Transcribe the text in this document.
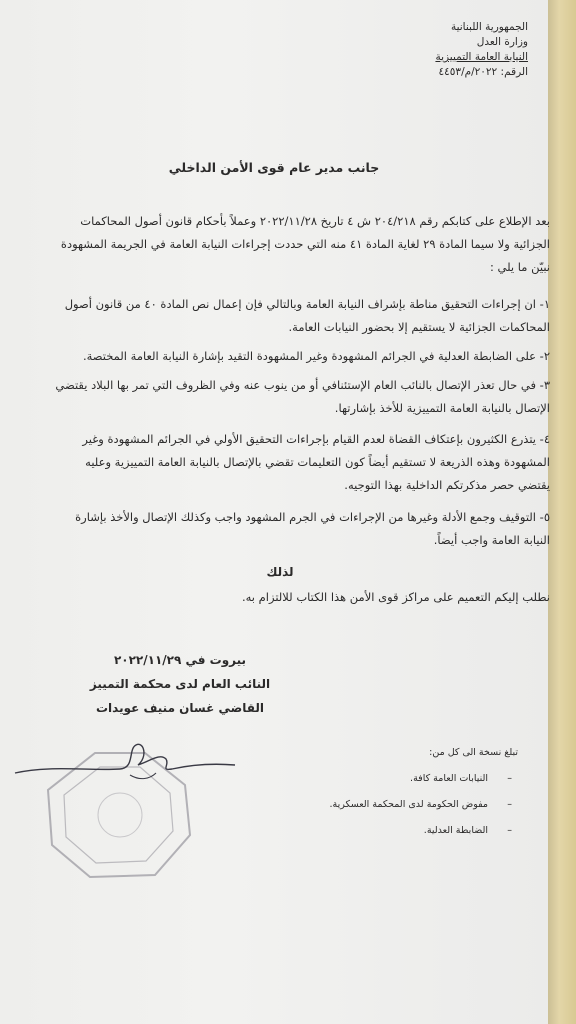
الجمهورية اللبنانية
وزارة العدل
النيابة العامة التمييزية
الرقم: ٢٠٢٢/م/٤٤٥٣
جانب مدير عام قوى الأمن الداخلي
بعد الإطلاع على كتابكم رقم ٢٠٤/٢١٨ ش ٤ تاريخ ٢٠٢٢/١١/٢٨ وعملاً بأحكام قانون أصول المحاكمات الجزائية ولا سيما المادة ٢٩ لغاية المادة ٤١ منه التي حددت إجراءات النيابة العامة في الجريمة المشهودة نبيّن ما يلي :
١- ان إجراءات التحقيق مناطة بإشراف النيابة العامة وبالتالي فإن إعمال نص المادة ٤٠ من قانون أصول المحاكمات الجزائية لا يستقيم إلا بحضور النيابات العامة.
٢- على الضابطة العدلية في الجرائم المشهودة وغير المشهودة التقيد بإشارة النيابة العامة المختصة.
٣- في حال تعذر الإتصال بالنائب العام الإستئنافي أو من ينوب عنه وفي الظروف التي تمر بها البلاد يقتضي الإتصال بالنيابة العامة التمييزية للأخذ بإشارتها.
٤- يتذرع الكثيرون بإعتكاف القضاة لعدم القيام بإجراءات التحقيق الأولي في الجرائم المشهودة وغير المشهودة وهذه الذريعة لا تستقيم أيضاً كون التعليمات تقضي بالإتصال بالنيابة العامة التمييزية وعليه يقتضي حصر مذكرتكم الداخلية بهذا التوجيه.
٥- التوقيف وجمع الأدلة وغيرها من الإجراءات في الجرم المشهود واجب وكذلك الإتصال والأخذ بإشارة النيابة العامة واجب أيضاً.
لذلك
نطلب إليكم التعميم على مراكز قوى الأمن هذا الكتاب للالتزام به.
بيروت في ٢٠٢٢/١١/٢٩
النائب العام لدى محكمة التمييز
القاضي غسان منيف عويدات
تبلغ نسخة الى كل من:
–
النيابات العامة كافة.
–
مفوض الحكومة لدى المحكمة العسكرية.
–
الضابطة العدلية.
